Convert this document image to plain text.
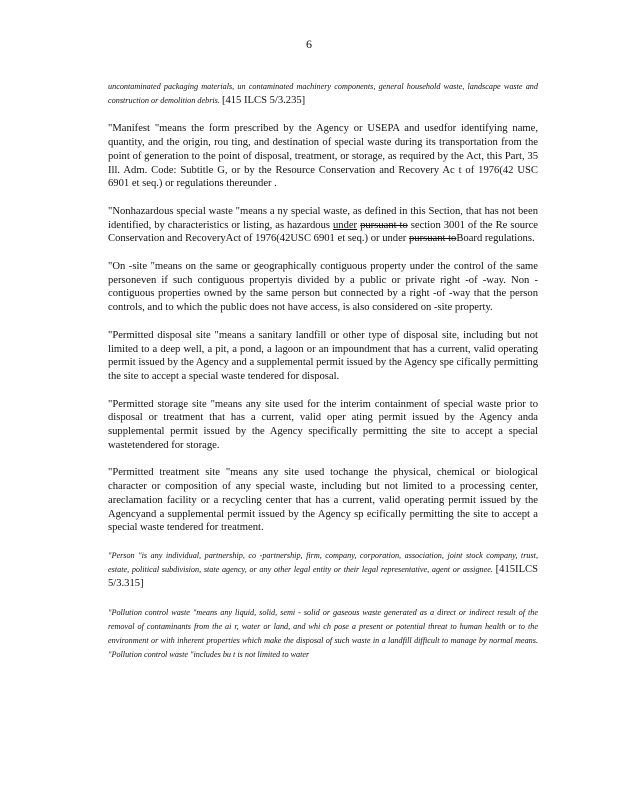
6

uncontaminated packaging materials, un contaminated machinery components, general household waste, landscape waste and construction or demolition debris. [415 ILCS 5/3.235]

"Manifest "means the form prescribed by the Agency or USEPA and usedfor identifying name, quantity, and the origin, rou ting, and destination of special waste during its transportation from the point of generation to the point of disposal, treatment, or storage, as required by the Act, this Part, 35 Ill. Adm. Code: Subtitle G, or by the Resource Conservation and Recovery Ac t of 1976(42 USC 6901 et seq.) or regulations thereunder .

"Nonhazardous special waste "means a ny special waste, as defined in this Section, that has not been identified, by characteristics or listing, as hazardous under pursuant to section 3001 of the Re source Conservation and RecoveryAct of 1976(42USC 6901 et seq.) or under pursuant toBoard regulations.

"On -site "means on the same or geographically contiguous property under the control of the same personeven if such contiguous propertyis divided by a public or private right -of -way. Non -contiguous properties owned by the same person but connected by a right -of -way that the person controls, and to which the public does not have access, is also considered on -site property.

"Permitted disposal site "means a sanitary landfill or other type of disposal site, including but not limited to a deep well, a pit, a pond, a lagoon or an impoundment that has a current, valid operating permit issued by the Agency and a supplemental permit issued by the Agency spe cifically permitting the site to accept a special waste tendered for disposal.

"Permitted storage site "means any site used for the interim containment of special waste prior to disposal or treatment that has a current, valid oper ating permit issued by the Agency anda supplemental permit issued by the Agency specifically permitting the site to accept a special wastetendered for storage.

"Permitted treatment site "means any site used tochange the physical, chemical or biological character or composition of any special waste, including but not limited to a processing center, areclamation facility or a recycling center that has a current, valid operating permit issued by the Agencyand a supplemental permit issued by the Agency sp ecifically permitting the site to accept a special waste tendered for treatment.

"Person "is any individual, partnership, co -partnership, firm, company, corporation, association, joint stock company, trust, estate, political subdivision, state agency, or any other legal entity or their legal representative, agent or assignee. [415ILCS 5/3.315]

"Pollution control waste "means any liquid, solid, semi - solid or gaseous waste generated as a direct or indirect result of the removal of contaminants from the ai r, water or land, and whi ch pose a present or potential threat to human health or to the environment or with inherent properties which make the disposal of such waste in a landfill difficult to manage by normal means. "Pollution control waste "includes bu t is not limited to water
